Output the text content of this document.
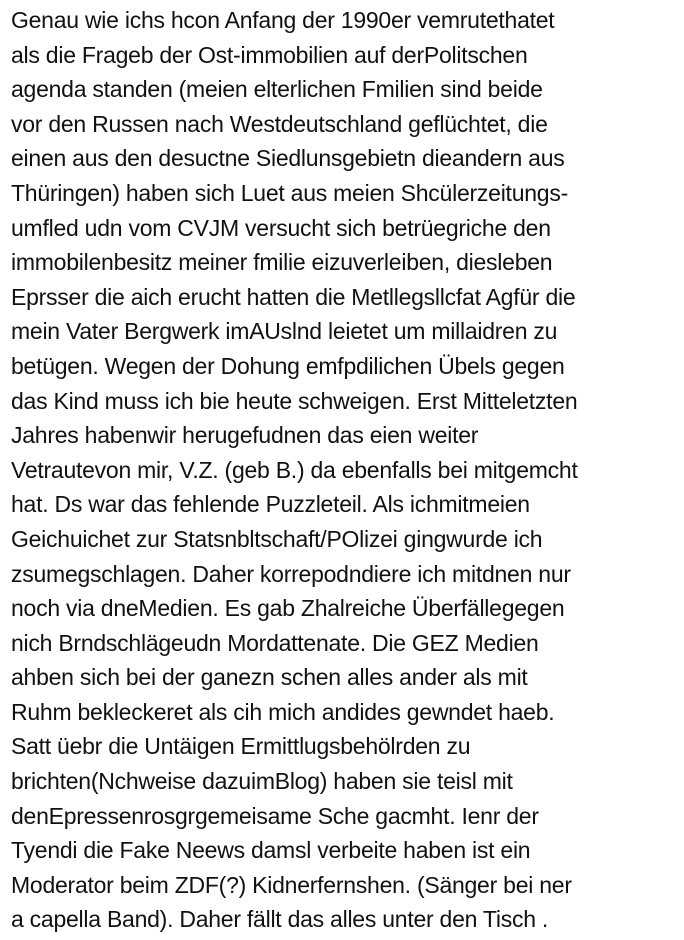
Genau wie ichs hcon Anfang der 1990er vemrutethatet
als die Frageb der Ost-immobilien auf derPolitschen
agenda standen (meien elterlichen Fmilien sind beide
vor den Russen nach Westdeutschland geflüchtet, die
einen aus den desuctne Siedlunsgebietn dieandern aus
Thüringen) haben sich Luet aus meien Shcülerzeitungs-
umfled udn vom CVJM versucht sich betrüegriche den
immobilenbesitz meiner fmilie eizuverleiben, diesleben
Eprsser die aich erucht hatten die Metllegsllcfat Agfür die
mein Vater Bergwerk imAUslnd leietet um millaidren zu
betügen. Wegen der Dohung emfpdilichen Übels gegen
das Kind muss ich bie heute schweigen. Erst Mitteletzten
Jahres habenwir herugefudnen das eien weiter
Vetrautevon mir, V.Z. (geb B.) da ebenfalls bei mitgemcht
hat. Ds war das fehlende Puzzleteil. Als ichmitmeien
Geichuichet zur Statsnbltschaft/POlizei gingwurde ich
zsumegschlagen. Daher korrepodndiere ich mitdnen nur
noch via dneMedien. Es gab Zhalreiche Überfällegegen
nich Brndschlägeudn Mordattenate. Die GEZ Medien
ahben sich bei der ganezn schen alles ander als mit
Ruhm bekleckeret als cih mich andides gewndet haeb.
Satt üebr die Untäigen Ermittlugsbehölrden zu
brichten(Nchweise dazuimBlog) haben sie teisl mit
denEpressenrosgrgemeisame Sche gacmht. Ienr der
Tyendi die Fake Neews damsl verbeite haben ist ein
Moderator beim ZDF(?) Kidnerfernshen. (Sänger bei ner
a capella Band). Daher fällt das alles unter den Tisch .
